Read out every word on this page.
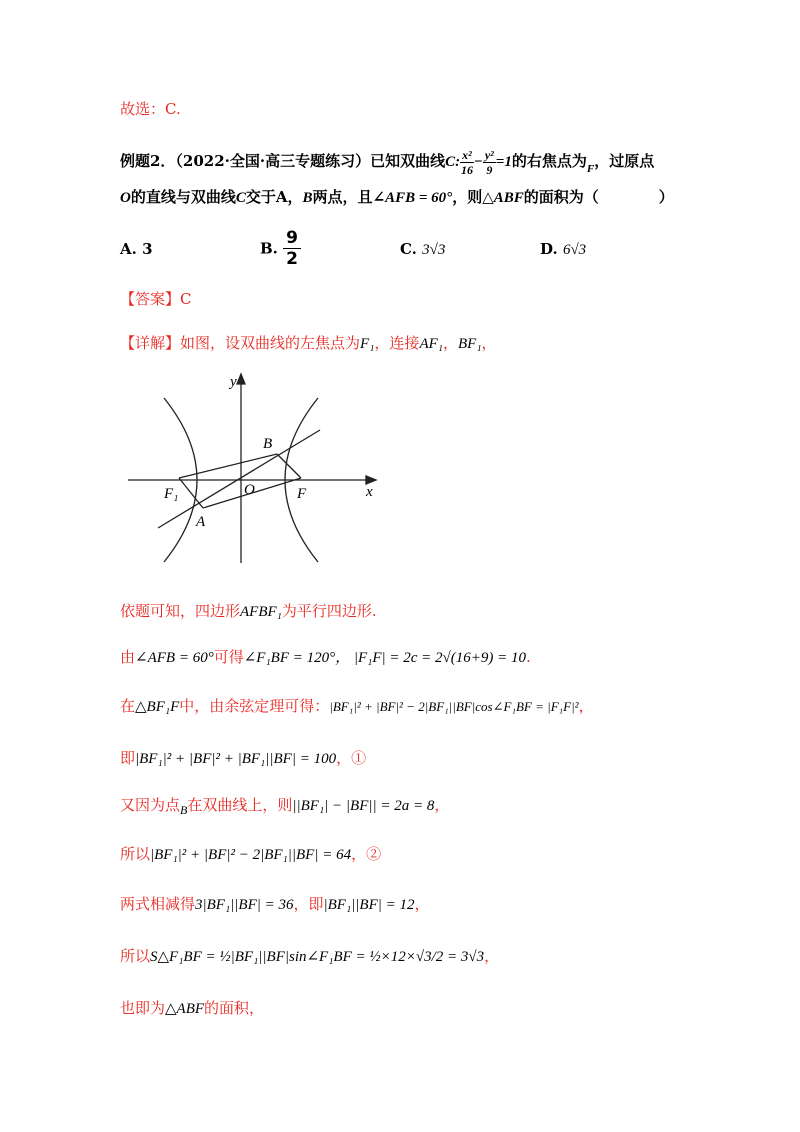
故选：C.
例题2．（2022·全国·高三专题练习）已知双曲线C: $\frac{\text{x²}}{16} - \frac{\text{y²}}{9} =1$的右焦点为$_F$，过原点
O的直线与双曲线C交于A，B两点，且∠AFB = 60°，则△ABF的面积为（　　　　）
A. 3	B. $\frac{9}{2}$	C. 3√3	D. 6√3
【答案】C
【详解】如图，设双曲线的左焦点为F₁，连接AF₁，BF₁，
x
y
B
O	F
F₁
A
依题可知，四边形AFBF₁为平行四边形.
由∠AFB = 60°可得∠F₁BF = 120°， |F₁F| = 2c = 2√(16+9) = 10.
在△BF₁F中，由余弦定理可得：|BF₁|² + |BF|² − 2|BF₁||BF|cos∠F₁BF = |F₁F|²，
即|BF₁|² + |BF|² + |BF₁||BF| = 100，①
又因为点$_B$在双曲线上，则||BF₁| − |BF|| = 2a = 8，
所以|BF₁|² + |BF|² − 2|BF₁||BF| = 64，②
两式相减得3|BF₁||BF| = 36，即|BF₁||BF| = 12，
所以S△F₁BF = ½|BF₁||BF|sin∠F₁BF = ½×12×√3/2 = 3√3，
也即为△ABF的面积，
